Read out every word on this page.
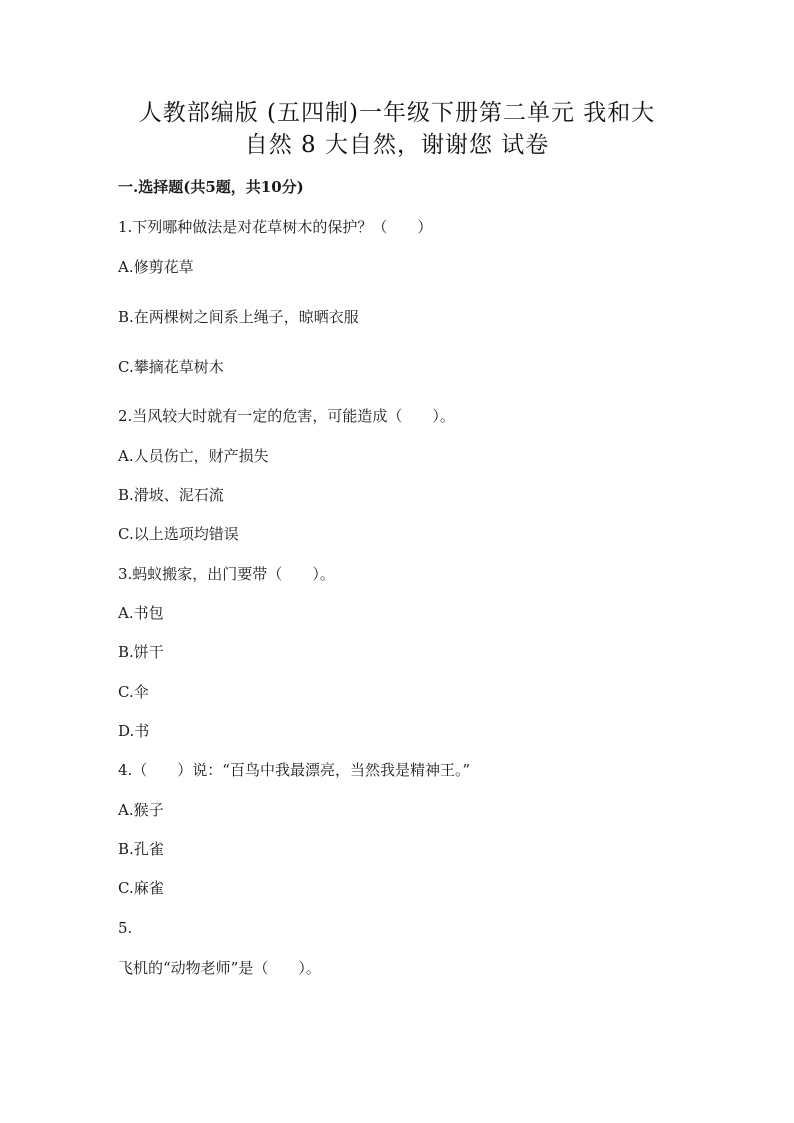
人教部编版 (五四制)一年级下册第二单元 我和大
自然 8 大自然，谢谢您 试卷
一.选择题(共5题，共10分)
1.下列哪种做法是对花草树木的保护？（　　）
A.修剪花草
B.在两棵树之间系上绳子，晾晒衣服
C.攀摘花草树木
2.当风较大时就有一定的危害，可能造成（　　）。
A.人员伤亡，财产损失
B.滑坡、泥石流
C.以上选项均错误
3.蚂蚁搬家，出门要带（　　）。
A.书包
B.饼干
C.伞
D.书
4.（　　）说：“百鸟中我最漂亮，当然我是精神王。”
A.猴子
B.孔雀
C.麻雀
5.
飞机的“动物老师”是（　　）。
